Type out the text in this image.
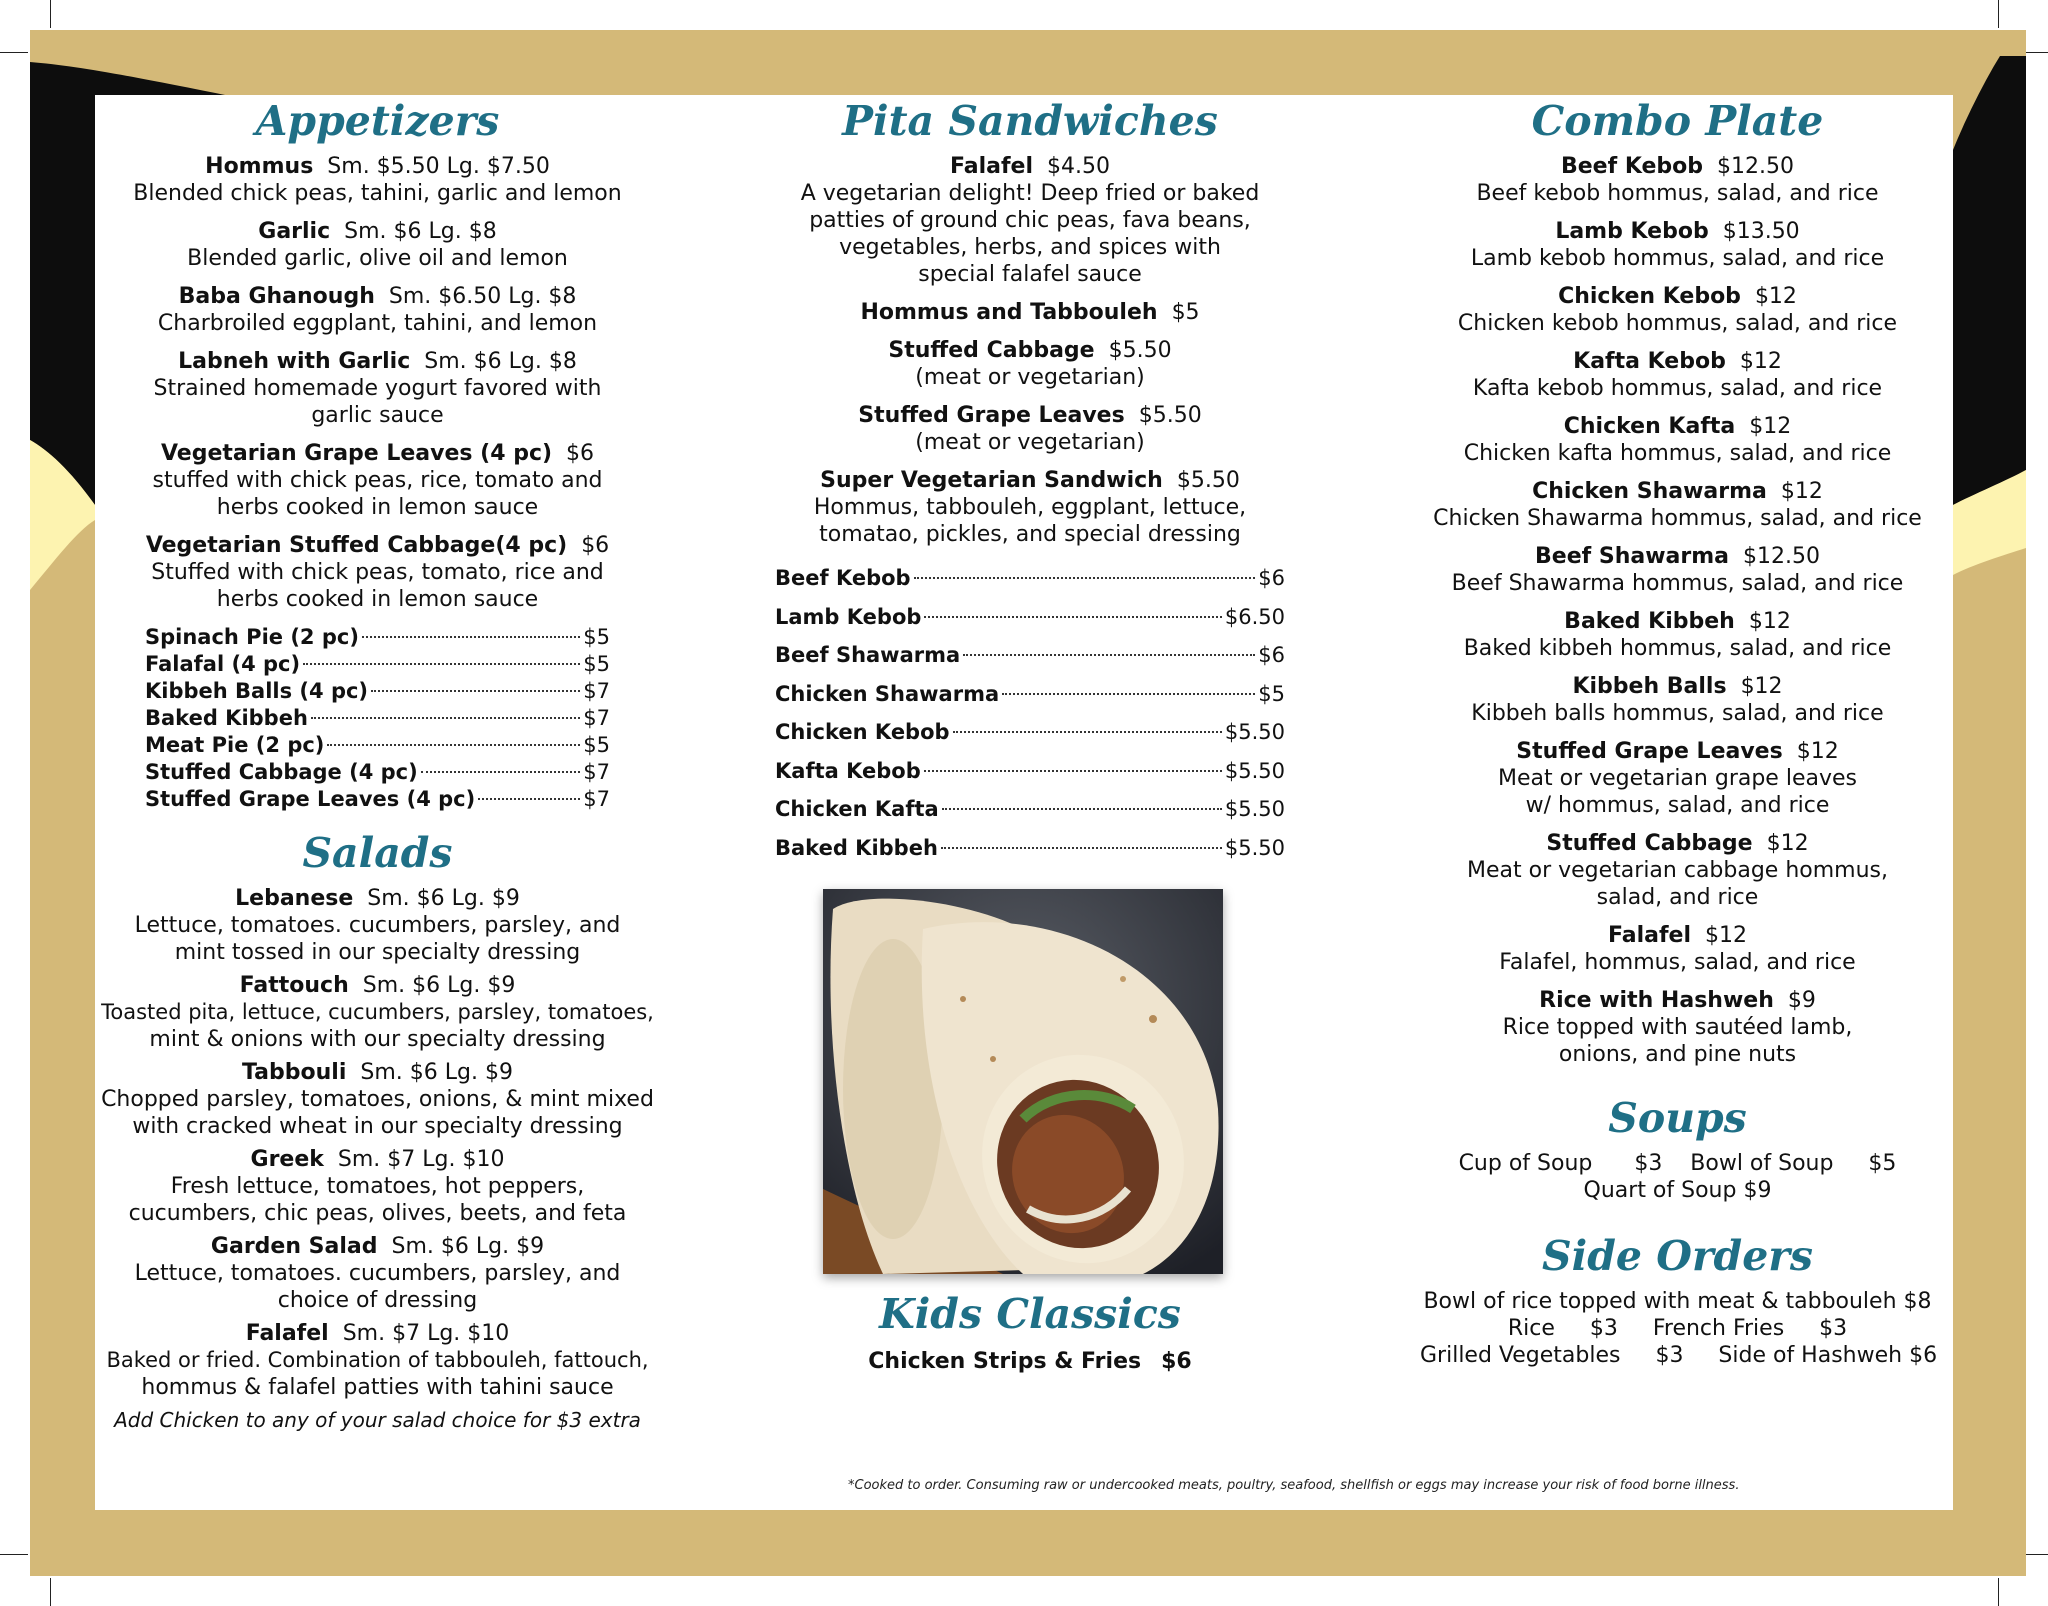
Appetizers
Hommus Sm. $5.50 Lg. $7.50
Blended chick peas, tahini, garlic and lemon
Garlic Sm. $6 Lg. $8
Blended garlic, olive oil and lemon
Baba Ghanough Sm. $6.50 Lg. $8
Charbroiled eggplant, tahini, and lemon
Labneh with Garlic Sm. $6 Lg. $8
Strained homemade yogurt favored with
garlic sauce
Vegetarian Grape Leaves (4 pc) $6
stuffed with chick peas, rice, tomato and
herbs cooked in lemon sauce
Vegetarian Stuffed Cabbage(4 pc) $6
Stuffed with chick peas, tomato, rice and
herbs cooked in lemon sauce
Spinach Pie (2 pc)	$5
Falafal (4 pc)	$5
Kibbeh Balls (4 pc)	$7
Baked Kibbeh	$7
Meat Pie (2 pc)	$5
Stuffed Cabbage (4 pc)	$7
Stuffed Grape Leaves (4 pc)	$7
Salads
Lebanese Sm. $6 Lg. $9
Lettuce, tomatoes. cucumbers, parsley, and
mint tossed in our specialty dressing
Fattouch Sm. $6 Lg. $9
Toasted pita, lettuce, cucumbers, parsley, tomatoes,
mint & onions with our specialty dressing
Tabbouli Sm. $6 Lg. $9
Chopped parsley, tomatoes, onions, & mint mixed
with cracked wheat in our specialty dressing
Greek Sm. $7 Lg. $10
Fresh lettuce, tomatoes, hot peppers,
cucumbers, chic peas, olives, beets, and feta
Garden Salad Sm. $6 Lg. $9
Lettuce, tomatoes. cucumbers, parsley, and
choice of dressing
Falafel Sm. $7 Lg. $10
Baked or fried. Combination of tabbouleh, fattouch,
hommus & falafel patties with tahini sauce
Add Chicken to any of your salad choice for $3 extra
Pita Sandwiches
Falafel $4.50
A vegetarian delight! Deep fried or baked
patties of ground chic peas, fava beans,
vegetables, herbs, and spices with
special falafel sauce
Hommus and Tabbouleh $5
Stuffed Cabbage $5.50
(meat or vegetarian)
Stuffed Grape Leaves $5.50
(meat or vegetarian)
Super Vegetarian Sandwich $5.50
Hommus, tabbouleh, eggplant, lettuce,
tomatao, pickles, and special dressing
Beef Kebob	$6
Lamb Kebob	$6.50
Beef Shawarma	$6
Chicken Shawarma	$5
Chicken Kebob	$5.50
Kafta Kebob	$5.50
Chicken Kafta	$5.50
Baked Kibbeh	$5.50
Kids Classics
Chicken Strips & Fries $6
Combo Plate
Beef Kebob $12.50
Beef kebob hommus, salad, and rice
Lamb Kebob $13.50
Lamb kebob hommus, salad, and rice
Chicken Kebob $12
Chicken kebob hommus, salad, and rice
Kafta Kebob $12
Kafta kebob hommus, salad, and rice
Chicken Kafta $12
Chicken kafta hommus, salad, and rice
Chicken Shawarma $12
Chicken Shawarma hommus, salad, and rice
Beef Shawarma $12.50
Beef Shawarma hommus, salad, and rice
Baked Kibbeh $12
Baked kibbeh hommus, salad, and rice
Kibbeh Balls $12
Kibbeh balls hommus, salad, and rice
Stuffed Grape Leaves $12
Meat or vegetarian grape leaves
w/ hommus, salad, and rice
Stuffed Cabbage $12
Meat or vegetarian cabbage hommus,
salad, and rice
Falafel $12
Falafel, hommus, salad, and rice
Rice with Hashweh $9
Rice topped with sautéed lamb,
onions, and pine nuts
Soups
Cup of Soup      $3    Bowl of Soup     $5
Quart of Soup $9
Side Orders
Bowl of rice topped with meat & tabbouleh $8
Rice     $3     French Fries     $3
Grilled Vegetables     $3     Side of Hashweh $6
*Cooked to order. Consuming raw or undercooked meats, poultry, seafood, shellfish or eggs may increase your risk of food borne illness.
